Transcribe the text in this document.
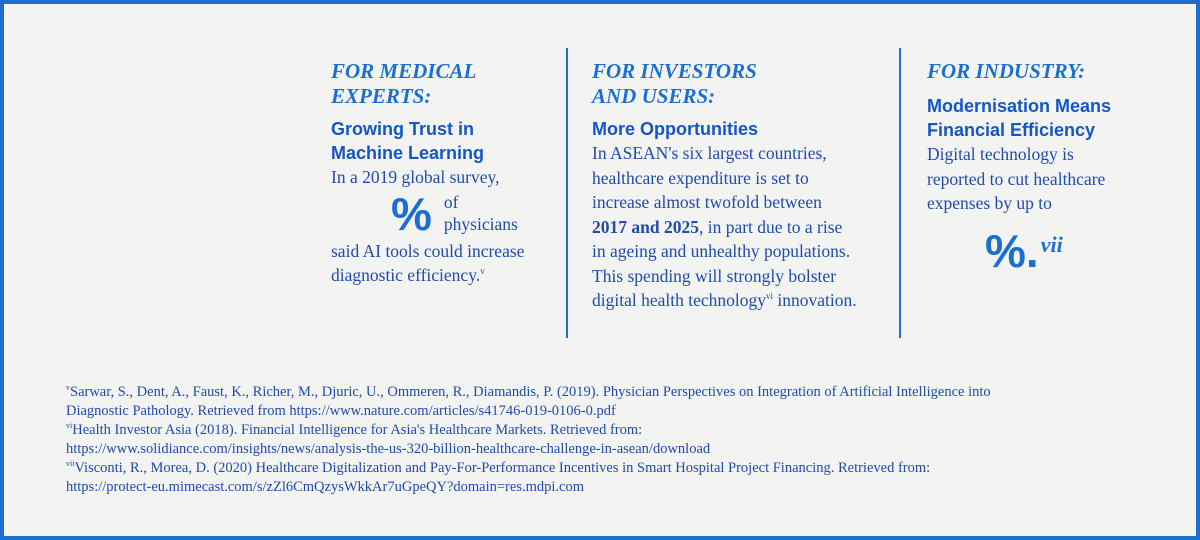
FOR MEDICAL
EXPERTS:
Growing Trust in
Machine Learning
In a 2019 global survey,
% of
physicians
said AI tools could increase
diagnostic efficiency.$^v$
FOR INVESTORS
AND USERS:
More Opportunities
In ASEAN's six largest countries,
healthcare expenditure is set to
increase almost twofold between
2017 and 2025, in part due to a rise
in ageing and unhealthy populations.
This spending will strongly bolster
digital health technology$^{vi}$ innovation.
FOR INDUSTRY:
Modernisation Means
Financial Efficiency
Digital technology is
reported to cut healthcare
expenses by up to
%.$^{vii}$
$^v$Sarwar, S., Dent, A., Faust, K., Richer, M., Djuric, U., Ommeren, R., Diamandis, P. (2019). Physician Perspectives on Integration of Artificial Intelligence into
Diagnostic Pathology. Retrieved from https://www.nature.com/articles/s41746-019-0106-0.pdf
$^{vi}$Health Investor Asia (2018). Financial Intelligence for Asia's Healthcare Markets. Retrieved from:
https://www.solidiance.com/insights/news/analysis-the-us-320-billion-healthcare-challenge-in-asean/download
$^{vii}$Visconti, R., Morea, D. (2020) Healthcare Digitalization and Pay-For-Performance Incentives in Smart Hospital Project Financing. Retrieved from:
https://protect-eu.mimecast.com/s/zZl6CmQzysWkkAr7uGpeQY?domain=res.mdpi.com
